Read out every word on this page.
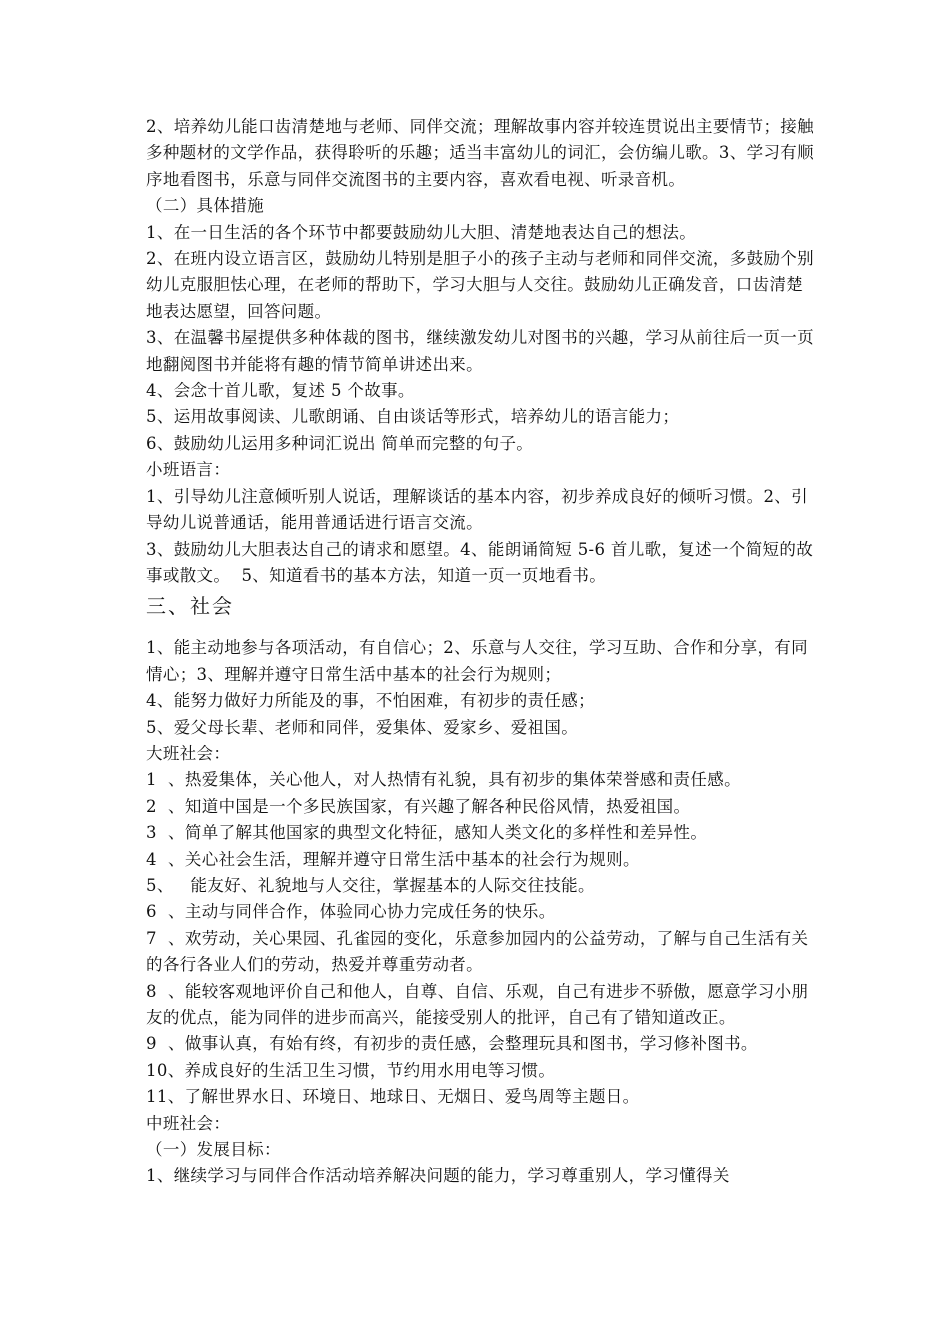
2、培养幼儿能口齿清楚地与老师、同伴交流；理解故事内容并较连贯说出主要情节；接触多种题材的文学作品，获得聆听的乐趣；适当丰富幼儿的词汇，会仿编儿歌。3、学习有顺序地看图书，乐意与同伴交流图书的主要内容，喜欢看电视、听录音机。

（二）具体措施

1、在一日生活的各个环节中都要鼓励幼儿大胆、清楚地表达自己的想法。

2、在班内设立语言区，鼓励幼儿特别是胆子小的孩子主动与老师和同伴交流，多鼓励个别幼儿克服胆怯心理，在老师的帮助下，学习大胆与人交往。鼓励幼儿正确发音，口齿清楚地表达愿望，回答问题。

3、在温馨书屋提供多种体裁的图书，继续激发幼儿对图书的兴趣，学习从前往后一页一页地翻阅图书并能将有趣的情节简单讲述出来。

4、会念十首儿歌，复述 5 个故事。

5、运用故事阅读、儿歌朗诵、自由谈话等形式，培养幼儿的语言能力；

6、鼓励幼儿运用多种词汇说出 简单而完整的句子。

小班语言：

1、引导幼儿注意倾听别人说话，理解谈话的基本内容，初步养成良好的倾听习惯。2、引导幼儿说普通话，能用普通话进行语言交流。

3、鼓励幼儿大胆表达自己的请求和愿望。4、能朗诵简短 5-6 首儿歌，复述一个简短的故事或散文。  5、知道看书的基本方法，知道一页一页地看书。

三、社会

1、能主动地参与各项活动，有自信心；2、乐意与人交往，学习互助、合作和分享，有同情心；3、理解并遵守日常生活中基本的社会行为规则；

4、能努力做好力所能及的事，不怕困难，有初步的责任感；

5、爱父母长辈、老师和同伴，爱集体、爱家乡、爱祖国。

大班社会：

1  、热爱集体，关心他人，对人热情有礼貌，具有初步的集体荣誉感和责任感。

2  、知道中国是一个多民族国家，有兴趣了解各种民俗风情，热爱祖国。

3  、简单了解其他国家的典型文化特征，感知人类文化的多样性和差异性。

4  、关心社会生活，理解并遵守日常生活中基本的社会行为规则。

5、   能友好、礼貌地与人交往，掌握基本的人际交往技能。

6  、主动与同伴合作，体验同心协力完成任务的快乐。

7  、欢劳动，关心果园、孔雀园的变化，乐意参加园内的公益劳动，了解与自己生活有关的各行各业人们的劳动，热爱并尊重劳动者。

8  、能较客观地评价自己和他人，自尊、自信、乐观，自己有进步不骄傲，愿意学习小朋友的优点，能为同伴的进步而高兴，能接受别人的批评，自己有了错知道改正。

9  、做事认真，有始有终，有初步的责任感，会整理玩具和图书，学习修补图书。

10、养成良好的生活卫生习惯，节约用水用电等习惯。

11、了解世界水日、环境日、地球日、无烟日、爱鸟周等主题日。

中班社会：

（一）发展目标：

1、继续学习与同伴合作活动培养解决问题的能力，学习尊重别人，学习懂得关
